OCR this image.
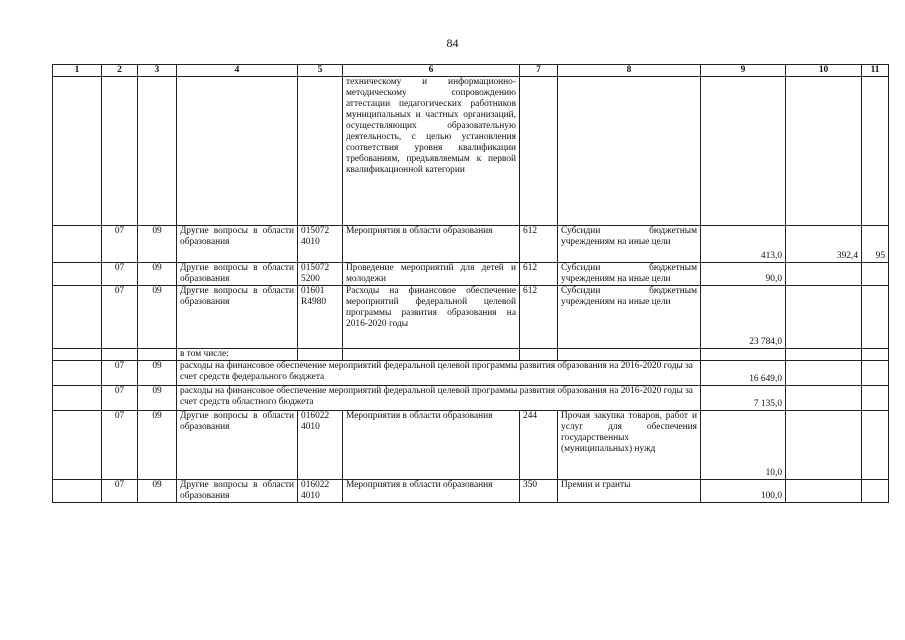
84
1	2	3	4	5	6	7	8	9	10	11
					техническому и информационно-методическому сопровождению аттестации педагогических работников муниципальных и частных организаций, осуществляющих образовательную деятельность, с целью установления соответствия уровня квалификации требованиям, предъявляемым к первой квалификационной категории					
	07	09	Другие вопросы в области образования	015072 4010	Мероприятия в области образования	612	Субсидии бюджетным учреждениям на иные цели	413,0	392,4	95
	07	09	Другие вопросы в области образования	015072 5200	Проведение мероприятий для детей и молодежи	612	Субсидии бюджетным учреждениям на иные цели	90,0		
	07	09	Другие вопросы в области образования	01601 R4980	Расходы на финансовое обеспечение мероприятий федеральной целевой программы развития образования на 2016-2020 годы	612	Субсидии бюджетным учреждениям на иные цели	23 784,0		
			в том числе:							
	07	09	расходы на финансовое обеспечение мероприятий федеральной целевой программы развития образования на 2016-2020 годы за счет средств федерального бюджета					16 649,0		
	07	09	расходы на финансовое обеспечение мероприятий федеральной целевой программы развития образования на 2016-2020 годы за счет средств областного бюджета					7 135,0		
	07	09	Другие вопросы в области образования	016022 4010	Мероприятия в области образования	244	Прочая закупка товаров, работ и услуг для обеспечения государственных (муниципальных) нужд	10,0		
	07	09	Другие вопросы в области образования	016022 4010	Мероприятия в области образования	350	Премии и гранты	100,0		
